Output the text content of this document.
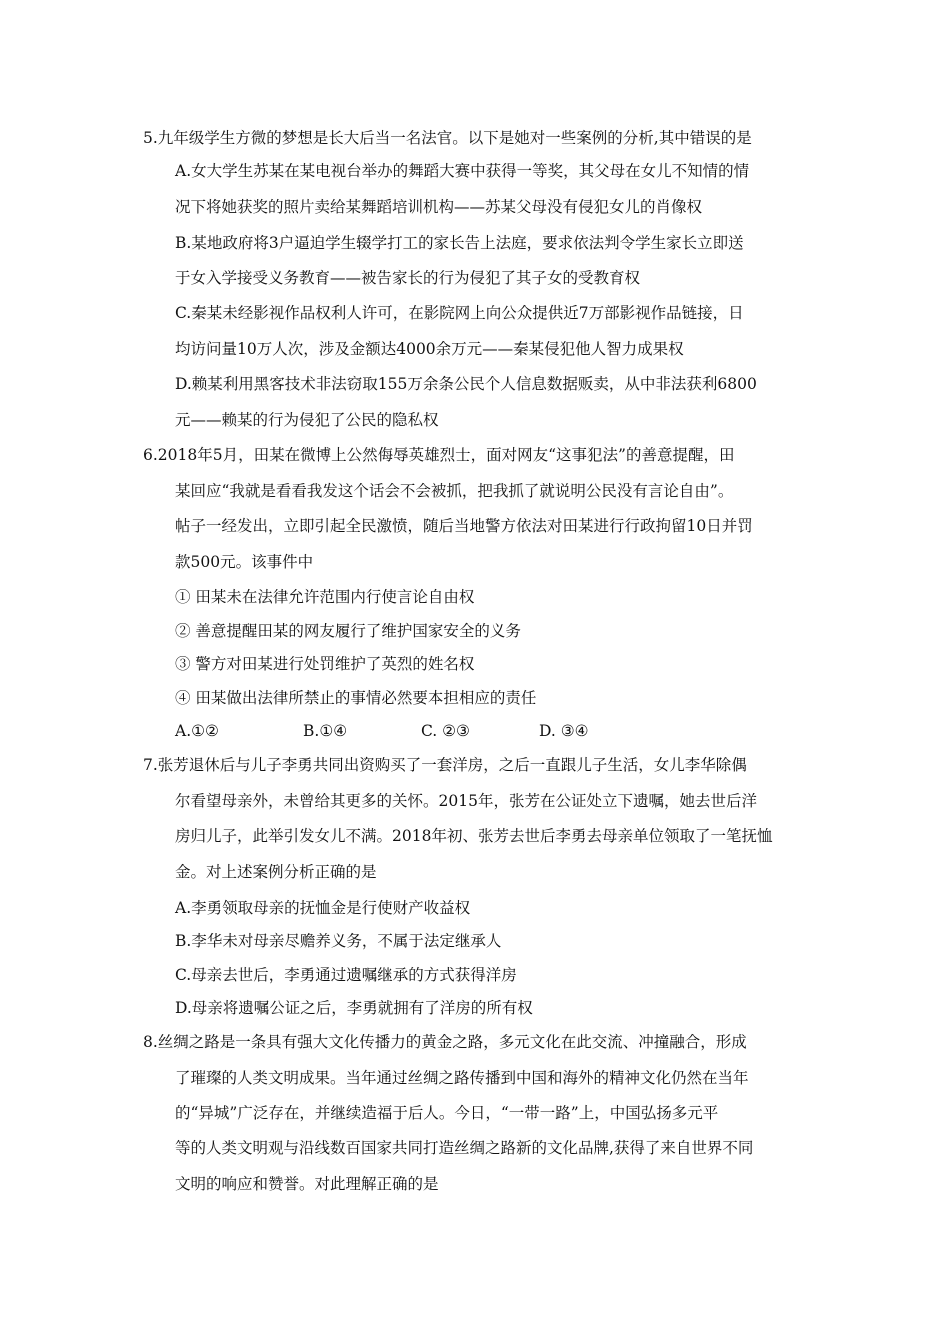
5.九年级学生方微的梦想是长大后当一名法官。以下是她对一些案例的分析,其中错误的是
A.女大学生苏某在某电视台举办的舞蹈大赛中获得一等奖，其父母在女儿不知情的情
况下将她获奖的照片卖给某舞蹈培训机构——苏某父母没有侵犯女儿的肖像权
B.某地政府将3户逼迫学生辍学打工的家长告上法庭，要求依法判令学生家长立即送
于女入学接受义务教育——被告家长的行为侵犯了其子女的受教育权
C.秦某未经影视作品权利人许可，在影院网上向公众提供近7万部影视作品链接，日
均访问量10万人次，涉及金额达4000余万元——秦某侵犯他人智力成果权
D.赖某利用黑客技术非法窃取155万余条公民个人信息数据贩卖，从中非法获利6800
元——赖某的行为侵犯了公民的隐私权
6.2018年5月，田某在微博上公然侮辱英雄烈士，面对网友“这事犯法”的善意提醒，田
某回应“我就是看看我发这个话会不会被抓，把我抓了就说明公民没有言论自由”。
帖子一经发出，立即引起全民激愤，随后当地警方依法对田某进行行政拘留10日并罚
款500元。该事件中
① 田某未在法律允许范围内行使言论自由权
② 善意提醒田某的网友履行了维护国家安全的义务
③ 警方对田某进行处罚维护了英烈的姓名权
④ 田某做出法律所禁止的事情必然要本担相应的责任
A.①②	B.①④	C. ②③	D. ③④
7.张芳退休后与儿子李勇共同出资购买了一套洋房，之后一直跟儿子生活，女儿李华除偶
尔看望母亲外，未曾给其更多的关怀。2015年，张芳在公证处立下遗嘱，她去世后洋
房归儿子，此举引发女儿不满。2018年初、张芳去世后李勇去母亲单位领取了一笔抚恤
金。对上述案例分析正确的是
A.李勇领取母亲的抚恤金是行使财产收益权
B.李华未对母亲尽赡养义务，不属于法定继承人
C.母亲去世后，李勇通过遗嘱继承的方式获得洋房
D.母亲将遗嘱公证之后，李勇就拥有了洋房的所有权
8.丝绸之路是一条具有强大文化传播力的黄金之路，多元文化在此交流、冲撞融合，形成
了璀璨的人类文明成果。当年通过丝绸之路传播到中国和海外的精神文化仍然在当年
的“异城”广泛存在，并继续造福于后人。今日，“一带一路”上，中国弘扬多元平
等的人类文明观与沿线数百国家共同打造丝绸之路新的文化品牌,获得了来自世界不同
文明的响应和赞誉。对此理解正确的是
